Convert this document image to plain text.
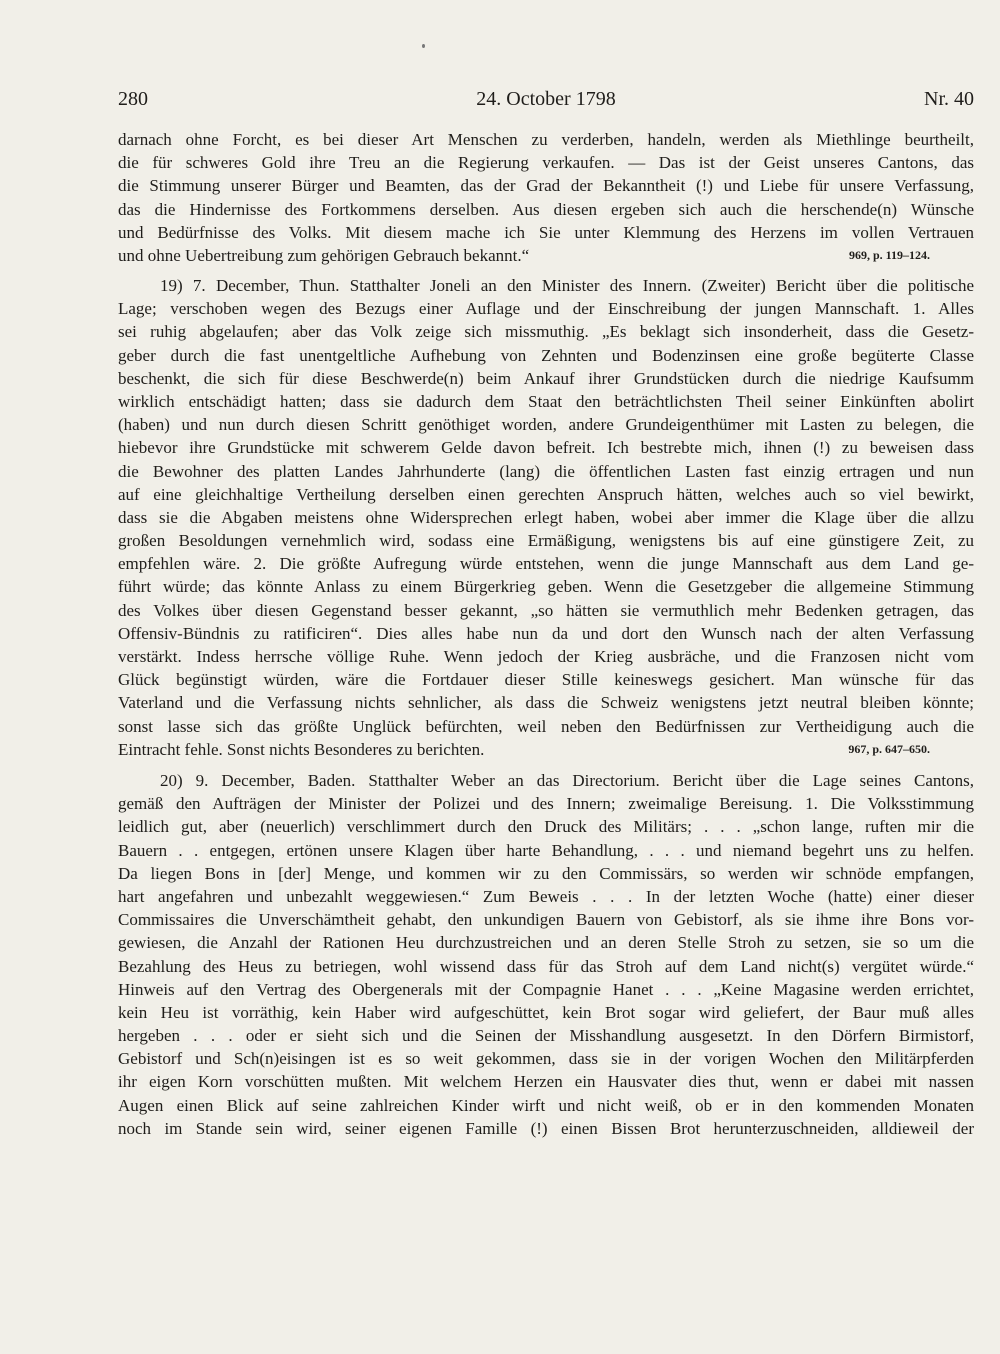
280	24. October 1798	Nr. 40
darnach ohne Forcht, es bei dieser Art Menschen zu verderben, handeln, werden als Miethlinge beurtheilt,
die für schweres Gold ihre Treu an die Regierung verkaufen. — Das ist der Geist unseres Cantons, das
die Stimmung unserer Bürger und Beamten, das der Grad der Bekanntheit (!) und Liebe für unsere Verfassung,
das die Hindernisse des Fortkommens derselben. Aus diesen ergeben sich auch die herschende(n) Wünsche
und Bedürfnisse des Volks. Mit diesem mache ich Sie unter Klemmung des Herzens im vollen Vertrauen
und ohne Uebertreibung zum gehörigen Gebrauch bekannt.“	969, p. 119–124.
19) 7. December, Thun. Statthalter Joneli an den Minister des Innern. (Zweiter) Bericht über die politische
Lage; verschoben wegen des Bezugs einer Auflage und der Einschreibung der jungen Mannschaft. 1. Alles
sei ruhig abgelaufen; aber das Volk zeige sich missmuthig. „Es beklagt sich insonderheit, dass die Gesetz-
geber durch die fast unentgeltliche Aufhebung von Zehnten und Bodenzinsen eine große begüterte Classe
beschenkt, die sich für diese Beschwerde(n) beim Ankauf ihrer Grundstücken durch die niedrige Kaufsumm
wirklich entschädigt hatten; dass sie dadurch dem Staat den beträchtlichsten Theil seiner Einkünften abolirt
(haben) und nun durch diesen Schritt genöthiget worden, andere Grundeigenthümer mit Lasten zu belegen, die
hiebevor ihre Grundstücke mit schwerem Gelde davon befreit. Ich bestrebte mich, ihnen (!) zu beweisen dass
die Bewohner des platten Landes Jahrhunderte (lang) die öffentlichen Lasten fast einzig ertragen und nun
auf eine gleichhaltige Vertheilung derselben einen gerechten Anspruch hätten, welches auch so viel bewirkt,
dass sie die Abgaben meistens ohne Widersprechen erlegt haben, wobei aber immer die Klage über die allzu
großen Besoldungen vernehmlich wird, sodass eine Ermäßigung, wenigstens bis auf eine günstigere Zeit, zu
empfehlen wäre. 2. Die größte Aufregung würde entstehen, wenn die junge Mannschaft aus dem Land ge-
führt würde; das könnte Anlass zu einem Bürgerkrieg geben. Wenn die Gesetzgeber die allgemeine Stimmung
des Volkes über diesen Gegenstand besser gekannt, „so hätten sie vermuthlich mehr Bedenken getragen, das
Offensiv-Bündnis zu ratificiren“. Dies alles habe nun da und dort den Wunsch nach der alten Verfassung
verstärkt. Indess herrsche völlige Ruhe. Wenn jedoch der Krieg ausbräche, und die Franzosen nicht vom
Glück begünstigt würden, wäre die Fortdauer dieser Stille keineswegs gesichert. Man wünsche für das
Vaterland und die Verfassung nichts sehnlicher, als dass die Schweiz wenigstens jetzt neutral bleiben könnte;
sonst lasse sich das größte Unglück befürchten, weil neben den Bedürfnissen zur Vertheidigung auch die
Eintracht fehle. Sonst nichts Besonderes zu berichten.	967, p. 647–650.
20) 9. December, Baden. Statthalter Weber an das Directorium. Bericht über die Lage seines Cantons,
gemäß den Aufträgen der Minister der Polizei und des Innern; zweimalige Bereisung. 1. Die Volksstimmung
leidlich gut, aber (neuerlich) verschlimmert durch den Druck des Militärs; . . . „schon lange, ruften mir die
Bauern . . entgegen, ertönen unsere Klagen über harte Behandlung, . . . und niemand begehrt uns zu helfen.
Da liegen Bons in [der] Menge, und kommen wir zu den Commissärs, so werden wir schnöde empfangen,
hart angefahren und unbezahlt weggewiesen.“ Zum Beweis . . . In der letzten Woche (hatte) einer dieser
Commissaires die Unverschämtheit gehabt, den unkundigen Bauern von Gebistorf, als sie ihme ihre Bons vor-
gewiesen, die Anzahl der Rationen Heu durchzustreichen und an deren Stelle Stroh zu setzen, sie so um die
Bezahlung des Heus zu betriegen, wohl wissend dass für das Stroh auf dem Land nicht(s) vergütet würde.“
Hinweis auf den Vertrag des Obergenerals mit der Compagnie Hanet . . . „Keine Magasine werden errichtet,
kein Heu ist vorräthig, kein Haber wird aufgeschüttet, kein Brot sogar wird geliefert, der Baur muß alles
hergeben . . . oder er sieht sich und die Seinen der Misshandlung ausgesetzt. In den Dörfern Birmistorf,
Gebistorf und Sch(n)eisingen ist es so weit gekommen, dass sie in der vorigen Wochen den Militärpferden
ihr eigen Korn vorschütten mußten. Mit welchem Herzen ein Hausvater dies thut, wenn er dabei mit nassen
Augen einen Blick auf seine zahlreichen Kinder wirft und nicht weiß, ob er in den kommenden Monaten
noch im Stande sein wird, seiner eigenen Famille (!) einen Bissen Brot herunterzuschneiden, alldieweil der
